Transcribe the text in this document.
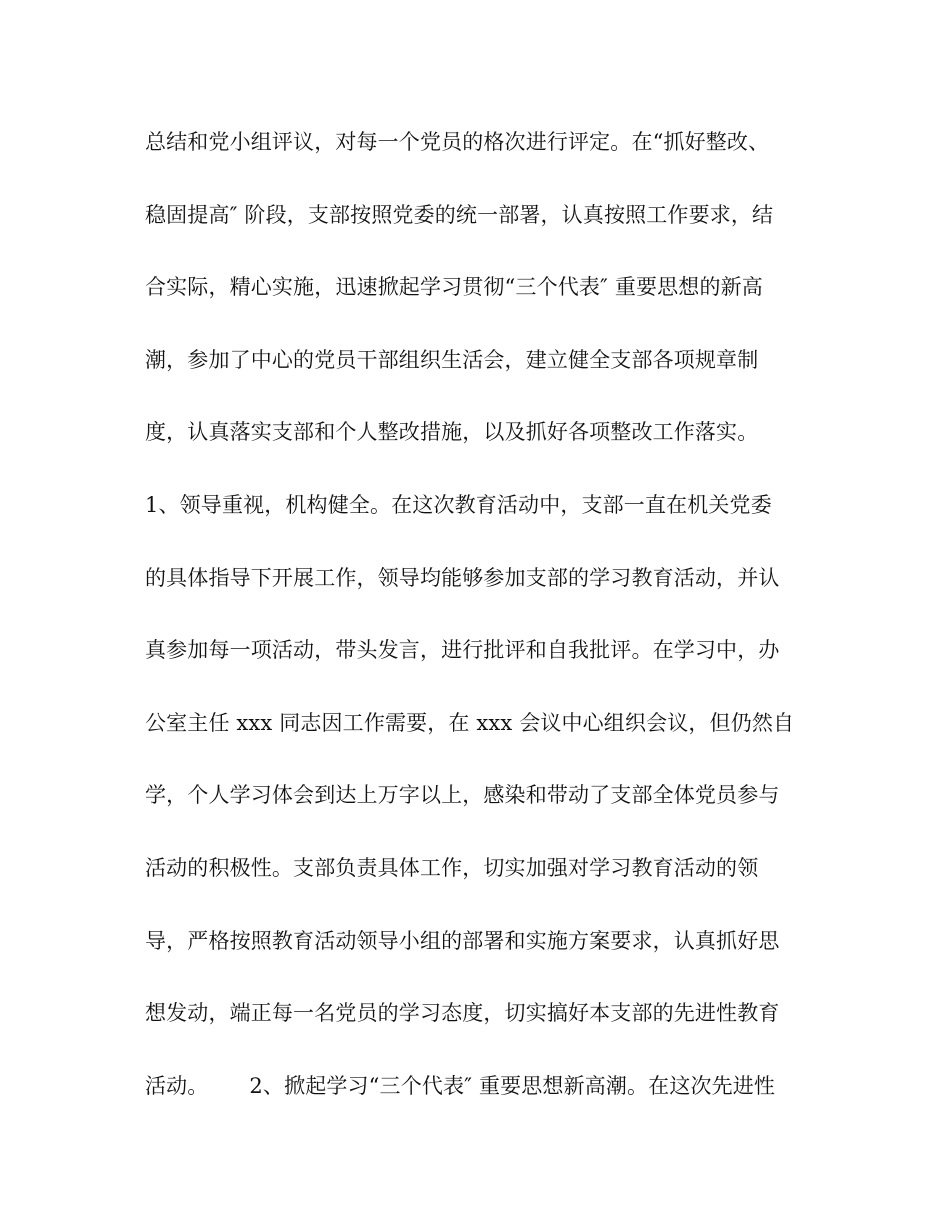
总结和党小组评议，对每一个党员的格次进行评定。在“抓好整改、
稳固提高″ 阶段，支部按照党委的统一部署，认真按照工作要求，结
合实际，精心实施，迅速掀起学习贯彻“三个代表″ 重要思想的新高
潮，参加了中心的党员干部组织生活会，建立健全支部各项规章制
度，认真落实支部和个人整改措施，以及抓好各项整改工作落实。
1、领导重视，机构健全。在这次教育活动中，支部一直在机关党委
的具体指导下开展工作，领导均能够参加支部的学习教育活动，并认
真参加每一项活动，带头发言，进行批评和自我批评。在学习中，办
公室主任 xxx 同志因工作需要，在 xxx 会议中心组织会议，但仍然自
学，个人学习体会到达上万字以上，感染和带动了支部全体党员参与
活动的积极性。支部负责具体工作，切实加强对学习教育活动的领
导，严格按照教育活动领导小组的部署和实施方案要求，认真抓好思
想发动，端正每一名党员的学习态度，切实搞好本支部的先进性教育
活动。      2、掀起学习“三个代表″ 重要思想新高潮。在这次先进性
